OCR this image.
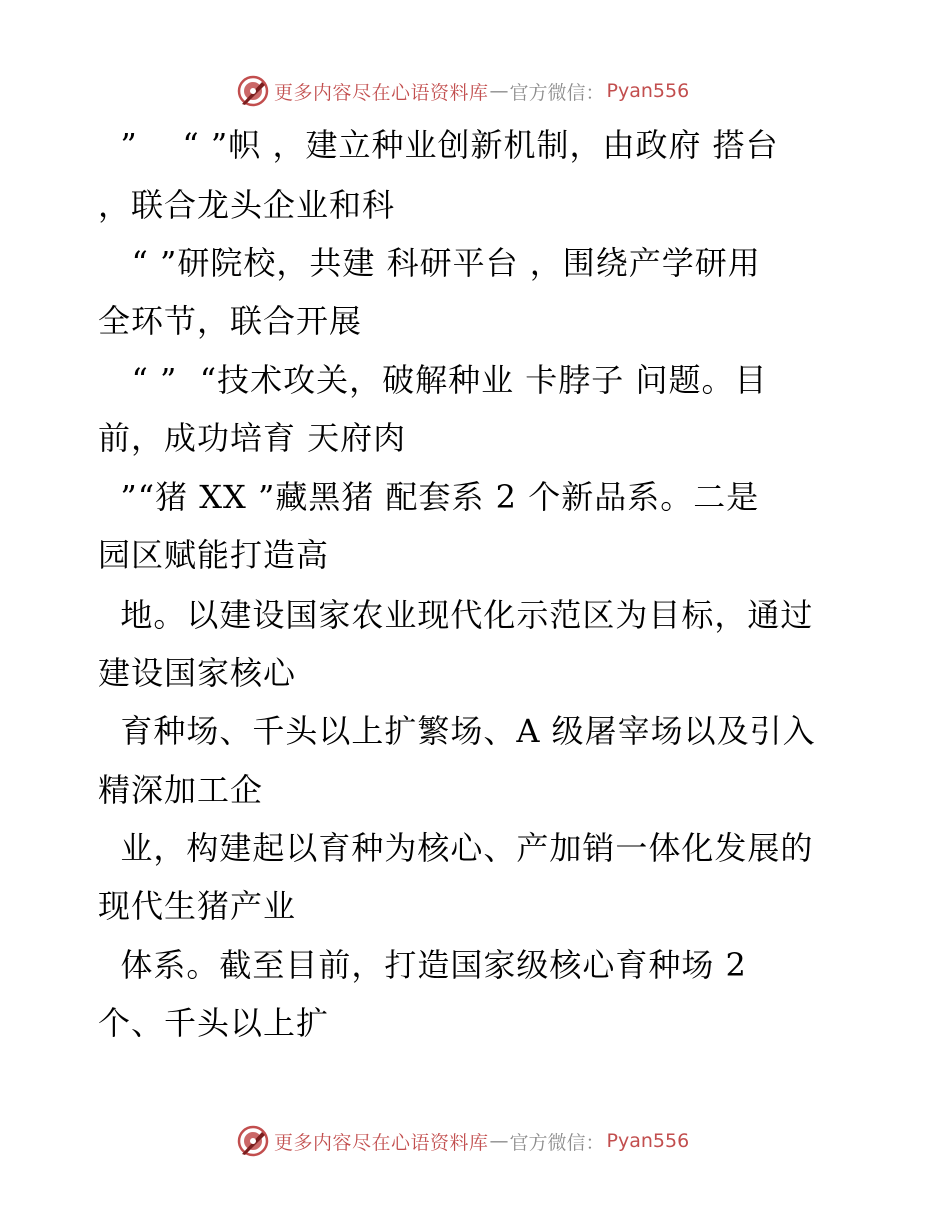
更多内容尽在心语资料库 — 官方微信： Pyan556
”    “ ”帜 ，建立种业创新机制，由政府 搭台
，联合龙头企业和科
“ ”研院校，共建 科研平台 ，围绕产学研用
全环节，联合开展
“ ”  “技术攻关，破解种业 卡脖子 问题。目
前，成功培育 天府肉
”“猪 XX ”藏黑猪 配套系 2 个新品系。二是
园区赋能打造高
地。以建设国家农业现代化示范区为目标，通过
建设国家核心
育种场、千头以上扩繁场、A 级屠宰场以及引入
精深加工企
业，构建起以育种为核心、产加销一体化发展的
现代生猪产业
体系。截至目前，打造国家级核心育种场 2
个、千头以上扩
更多内容尽在心语资料库 — 官方微信： Pyan556
